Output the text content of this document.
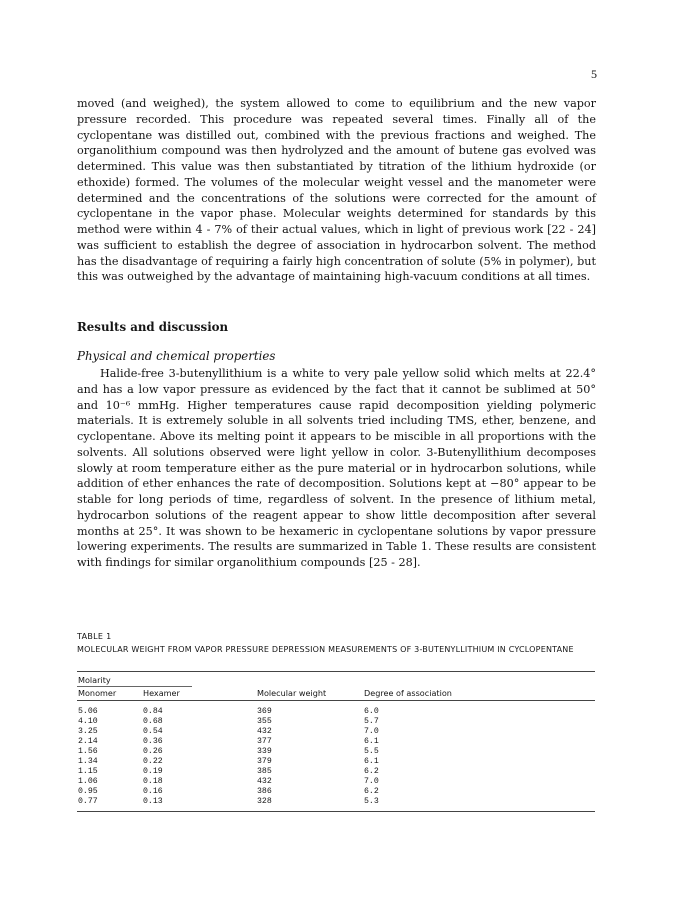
5

moved (and weighed), the system allowed to come to equilibrium and the new vapor pressure recorded. This procedure was repeated several times. Finally all of the cyclopentane was distilled out, combined with the previous fractions and weighed. The organolithium compound was then hydrolyzed and the amount of butene gas evolved was determined. This value was then substantiated by titration of the lithium hydroxide (or ethoxide) formed. The volumes of the molecular weight vessel and the manometer were determined and the concentrations of the solutions were corrected for the amount of cyclopentane in the vapor phase. Molecular weights determined for standards by this method were within 4 - 7% of their actual values, which in light of previous work [22 - 24] was sufficient to establish the degree of association in hydrocarbon solvent. The method has the disadvantage of requiring a fairly high concentration of solute (5% in polymer), but this was outweighed by the advantage of maintaining high-vacuum conditions at all times.

Results and discussion
Physical and chemical properties

Halide-free 3-butenyllithium is a white to very pale yellow solid which melts at 22.4° and has a low vapor pressure as evidenced by the fact that it cannot be sublimed at 50° and 10⁻⁶ mmHg. Higher temperatures cause rapid decomposition yielding polymeric materials. It is extremely soluble in all solvents tried including TMS, ether, benzene, and cyclopentane. Above its melting point it appears to be miscible in all proportions with the solvents. All solutions observed were light yellow in color. 3-Butenyllithium decomposes slowly at room temperature either as the pure material or in hydrocarbon solutions, while addition of ether enhances the rate of decomposition. Solutions kept at −80° appear to be stable for long periods of time, regardless of solvent. In the presence of lithium metal, hydrocarbon solutions of the reagent appear to show little decomposition after several months at 25°. It was shown to be hexameric in cyclopentane solutions by vapor pressure lowering experiments. The results are summarized in Table 1. These results are consistent with findings for similar organolithium compounds [25 - 28].

TABLE 1
MOLECULAR WEIGHT FROM VAPOR PRESSURE DEPRESSION MEASUREMENTS OF 3-BUTENYLLITHIUM IN CYCLOPENTANE
Molarity
Monomer	Hexamer	Molecular weight	Degree of association
5.06	0.84	369	6.0
4.10	0.68	355	5.7
3.25	0.54	432	7.0
2.14	0.36	377	6.1
1.56	0.26	339	5.5
1.34	0.22	379	6.1
1.15	0.19	385	6.2
1.06	0.18	432	7.0
0.95	0.16	386	6.2
0.77	0.13	328	5.3
